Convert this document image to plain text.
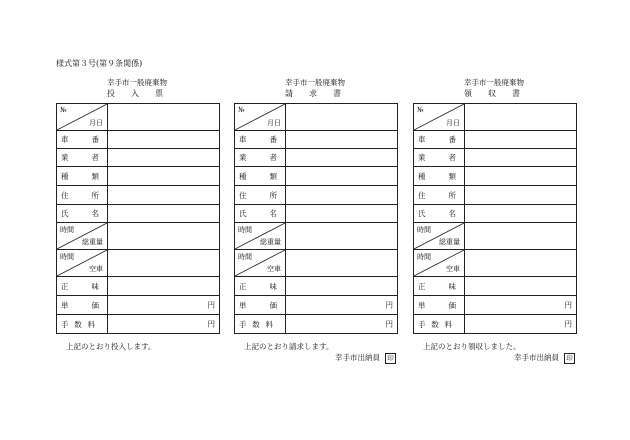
様式第３号(第９条関係)
幸手市一般廃棄物
投　入　票
№
月日	

車 番	

業 者	

種 類	

住 所	

氏 名	

時間
総重量	

時間
空車	

正 味	

単 価	円

手 数 料	円
上記のとおり投入します。
幸手市一般廃棄物
請　求　書
№
月日	

車 番	

業 者	

種 類	

住 所	

氏 名	

時間
総重量	

時間
空車	

正 味	

単 価	円

手 数 料	円
上記のとおり請求します。
幸手市出納員 印
幸手市一般廃棄物
領　収　書
№
月日	

車 番	

業 者	

種 類	

住 所	

氏 名	

時間
総重量	

時間
空車	

正 味	

単 価	円

手 数 料	円
上記のとおり領収しました。
幸手市出納員 印
